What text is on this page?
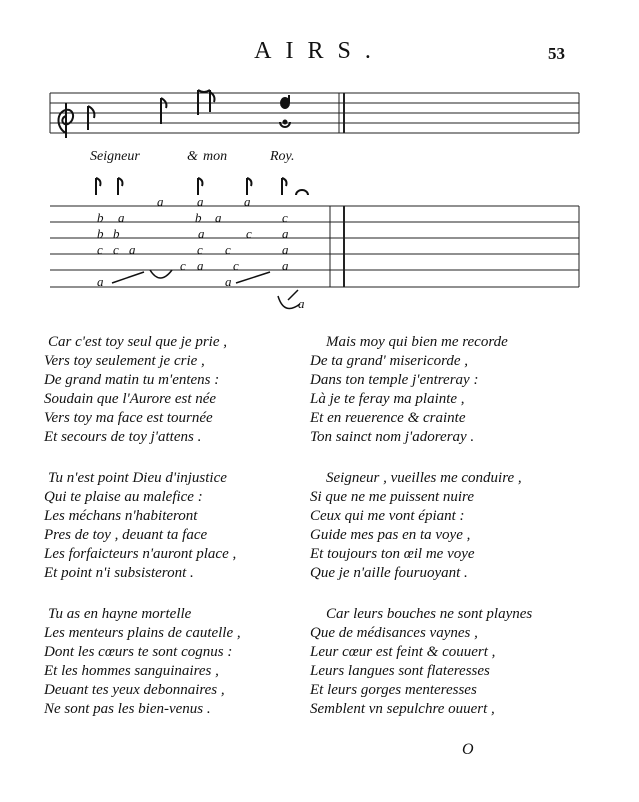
AIRS.	53
Seigneur	& mon	Roy.
a	a	a
b a	b a	c
b b	a	c a
c c a	c c	a
c a c	a
a	a
a
Car c'est toy seul que je prie ,
Vers toy seulement je crie ,
De grand matin tu m'entens :
Soudain que l'Aurore est née
Vers toy ma face est tournée
Et secours de toy j'attens .
Tu n'est point Dieu d'injustice
Qui te plaise au malefice :
Les méchans n'habiteront
Pres de toy , deuant ta face
Les forfaicteurs n'auront place ,
Et point n'i subsisteront .
Tu as en hayne mortelle
Les menteurs plains de cautelle ,
Dont les cœurs te sont cognus :
Et les hommes sanguinaires ,
Deuant tes yeux debonnaires ,
Ne sont pas les bien-venus .
Mais moy qui bien me recorde
De ta grand' misericorde ,
Dans ton temple j'entreray :
Là je te feray ma plainte ,
Et en reuerence & crainte
Ton sainct nom j'adoreray .
Seigneur , vueilles me conduire ,
Si que ne me puissent nuire
Ceux qui me vont épiant :
Guide mes pas en ta voye ,
Et toujours ton œil me voye
Que je n'aille fouruoyant .
Car leurs bouches ne sont playnes
Que de médisances vaynes ,
Leur cœur est feint & couuert ,
Leurs langues sont flateresses
Et leurs gorges menteresses
Semblent vn sepulchre ouuert ,
O
